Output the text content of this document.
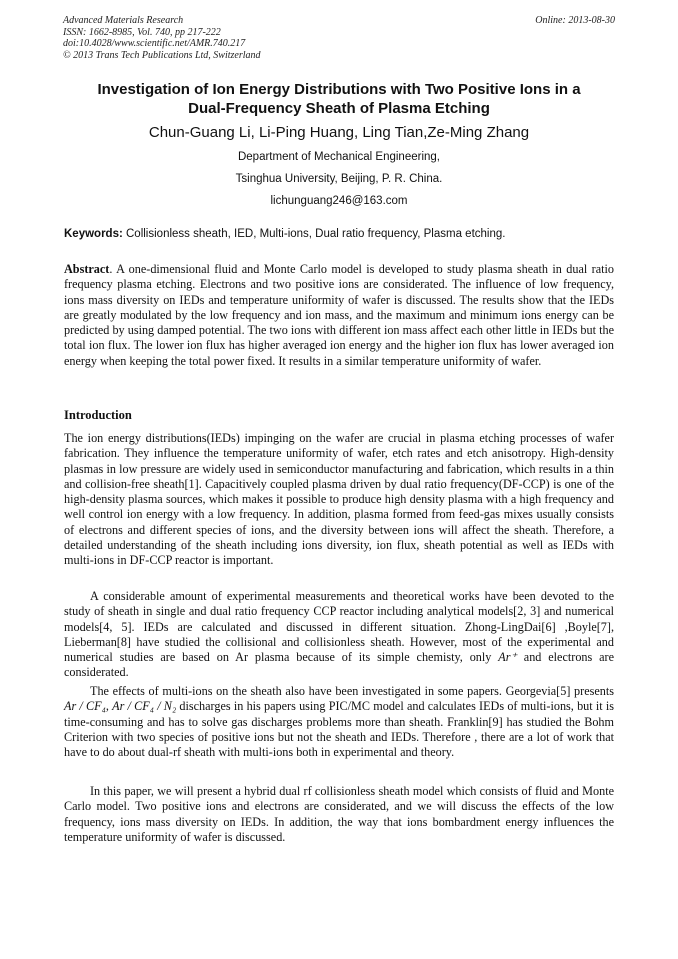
Advanced Materials Research
ISSN: 1662-8985, Vol. 740, pp 217-222
doi:10.4028/www.scientific.net/AMR.740.217
© 2013 Trans Tech Publications Ltd, Switzerland
Online: 2013-08-30
Investigation of Ion Energy Distributions with Two Positive Ions in a
Dual-Frequency Sheath of Plasma Etching
Chun-Guang Li, Li-Ping Huang, Ling Tian,Ze-Ming Zhang
Department of Mechanical Engineering,
Tsinghua University, Beijing, P. R. China.
lichunguang246@163.com
Keywords: Collisionless sheath, IED, Multi-ions, Dual ratio frequency, Plasma etching.

Abstract. A one-dimensional fluid and Monte Carlo model is developed to study plasma sheath in dual ratio frequency plasma etching. Electrons and two positive ions are considerated. The influence of low frequency, ions mass diversity on IEDs and temperature uniformity of wafer is discussed. The results show that the IEDs are greatly modulated by the low frequency and ion mass, and the maximum and minimum ions energy can be predicted by using damped potential. The two ions with different ion mass affect each other little in IEDs but the total ion flux. The lower ion flux has higher averaged ion energy and the higher ion flux has lower averaged ion energy when keeping the total power fixed. It results in a similar temperature uniformity of wafer.

Introduction

The ion energy distributions(IEDs) impinging on the wafer are crucial in plasma etching processes of wafer fabrication. They influence the temperature uniformity of wafer, etch rates and etch anisotropy. High-density plasmas in low pressure are widely used in semiconductor manufacturing and fabrication, which results in a thin and collision-free sheath[1]. Capacitively coupled plasma driven by dual ratio frequency(DF-CCP) is one of the high-density plasma sources, which makes it possible to produce high density plasma with a high frequency and well control ion energy with a low frequency. In addition, plasma formed from feed-gas mixes usually consists of electrons and different species of ions, and the diversity between ions will affect the sheath. Therefore, a detailed understanding of the sheath including ions diversity, ion flux, sheath potential as well as IEDs with multi-ions in DF-CCP reactor is important.

A considerable amount of experimental measurements and theoretical works have been devoted to the study of sheath in single and dual ratio frequency CCP reactor including analytical models[2, 3] and numerical models[4, 5]. IEDs are calculated and discussed in different situation. Zhong-LingDai[6] ,Boyle[7], Lieberman[8] have studied the collisional and collisionless sheath. However, most of the experimental and numerical studies are based on Ar plasma because of its simple chemisty, only Ar⁺ and electrons are considerated.

The effects of multi-ions on the sheath also have been investigated in some papers. Georgevia[5] presents Ar / CF₄, Ar / CF₄ / N₂ discharges in his papers using PIC/MC model and calculates IEDs of multi-ions, but it is time-consuming and has to solve gas discharges problems more than sheath. Franklin[9] has studied the Bohm Criterion with two species of positive ions but not the sheath and IEDs. Therefore , there are a lot of work that have to do about dual-rf sheath with multi-ions both in experimental and theory.

In this paper, we will present a hybrid dual rf collisionless sheath model which consists of fluid and Monte Carlo model. Two positive ions and electrons are considerated, and we will discuss the effects of the low frequency, ions mass diversity on IEDs. In addition, the way that ions bombardment energy influences the temperature uniformity of wafer is discussed.
